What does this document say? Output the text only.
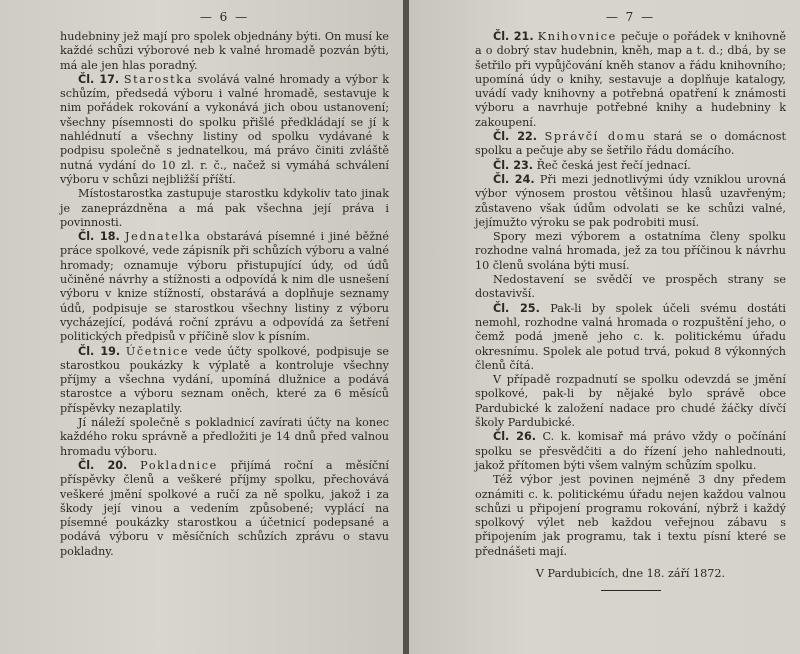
— 6 —

hudebniny jež mají pro spolek objednány býti. On musí ke každé schůzi výborové neb k valné hromadě pozván býti, má ale jen hlas poradný.

Čl. 17. Starostka svolává valné hromady a výbor k schůzím, předsedá výboru i valné hromadě, sestavuje k nim pořádek rokování a vykonává jich obou ustanovení; všechny písemnosti do spolku přišlé předkládají se jí k nahlédnutí a všechny listiny od spolku vydávané k podpisu společně s jednatelkou, má právo činiti zvláště nutná vydání do 10 zl. r. č., načež si vymáhá schválení výboru v schůzi nejbližší příští.

Místostarostka zastupuje starostku kdykoliv tato jinak je zaneprázdněna a má pak všechna její práva i povinnosti.

Čl. 18. Jednatelka obstarává písemné i jiné běžné práce spolkové, vede zápisník při schůzích výboru a valné hromady; oznamuje výboru přistupující údy, od údů učiněné návrhy a stížnosti a odpovídá k nim dle usnešení výboru v knize stížností, obstarává a doplňuje seznamy údů, podpisuje se starostkou všechny listiny z výboru vycházející, podává roční zprávu a odpovídá za šetření politických předpisů v příčině slov k písním.

Čl. 19. Účetnice vede účty spolkové, podpisuje se starostkou poukázky k výplatě a kontroluje všechny příjmy a všechna vydání, upomíná dlužnice a podává starostce a výboru seznam oněch, které za 6 měsíců příspěvky nezaplatily.

Jí náleží společně s pokladnicí zavírati účty na konec každého roku správně a předložiti je 14 dnů před valnou hromadu výboru.

Čl. 20. Pokladnice přijímá roční a měsíční příspěvky členů a veškeré příjmy spolku, přechovává veškeré jmění spolkové a ručí za ně spolku, jakož i za škody její vinou a vedením způsobené; vyplácí na písemné poukázky starostkou a účetnicí podepsané a podává výboru v měsíčních schůzích zprávu o stavu pokladny.

— 7 —

Čl. 21. Knihovnice pečuje o pořádek v knihovně a o dobrý stav hudebnin, kněh, map a t. d.; dbá, by se šetřilo při vypůjčování kněh stanov a řádu knihovního; upomíná údy o knihy, sestavuje a doplňuje katalogy, uvádí vady knihovny a potřebná opatření k známosti výboru a navrhuje potřebné knihy a hudebniny k zakoupení.

Čl. 22. Správčí domu stará se o domácnost spolku a pečuje aby se šetřilo řádu domácího.

Čl. 23. Řeč česká jest řečí jednací.

Čl. 24. Při mezi jednotlivými údy vzniklou urovná výbor výnosem prostou většinou hlasů uzavřeným; zůstaveno však údům odvolati se ke schůzi valné, jejímužto výroku se pak podrobiti musí.

Spory mezi výborem a ostatníma členy spolku rozhodne valná hromada, jež za tou příčinou k návrhu 10 členů svolána býti musí.

Nedostavení se svědčí ve prospěch strany se dostavivší.

Čl. 25. Pak-li by spolek účeli svému dostáti nemohl, rozhodne valná hromada o rozpuštění jeho, o čemž podá jmeně jeho c. k. politickému úřadu okresnímu. Spolek ale potud trvá, pokud 8 výkonných členů čítá.

V případě rozpadnutí se spolku odevzdá se jmění spolkové, pak-li by nějaké bylo správě obce Pardubické k založení nadace pro chudé žáčky dívčí školy Pardubické.

Čl. 26. C. k. komisař má právo vždy o počínání spolku se přesvědčiti a do řízení jeho nahlednouti, jakož přítomen býti všem valným schůzím spolku.

Též výbor jest povinen nejméně 3 dny předem oznámiti c. k. politickému úřadu nejen každou valnou schůzi u připojení programu rokování, nýbrž i každý spolkový výlet neb každou veřejnou zábavu s připojením jak programu, tak i textu písní které se přednášeti mají.

V Pardubicích, dne 18. září 1872.
